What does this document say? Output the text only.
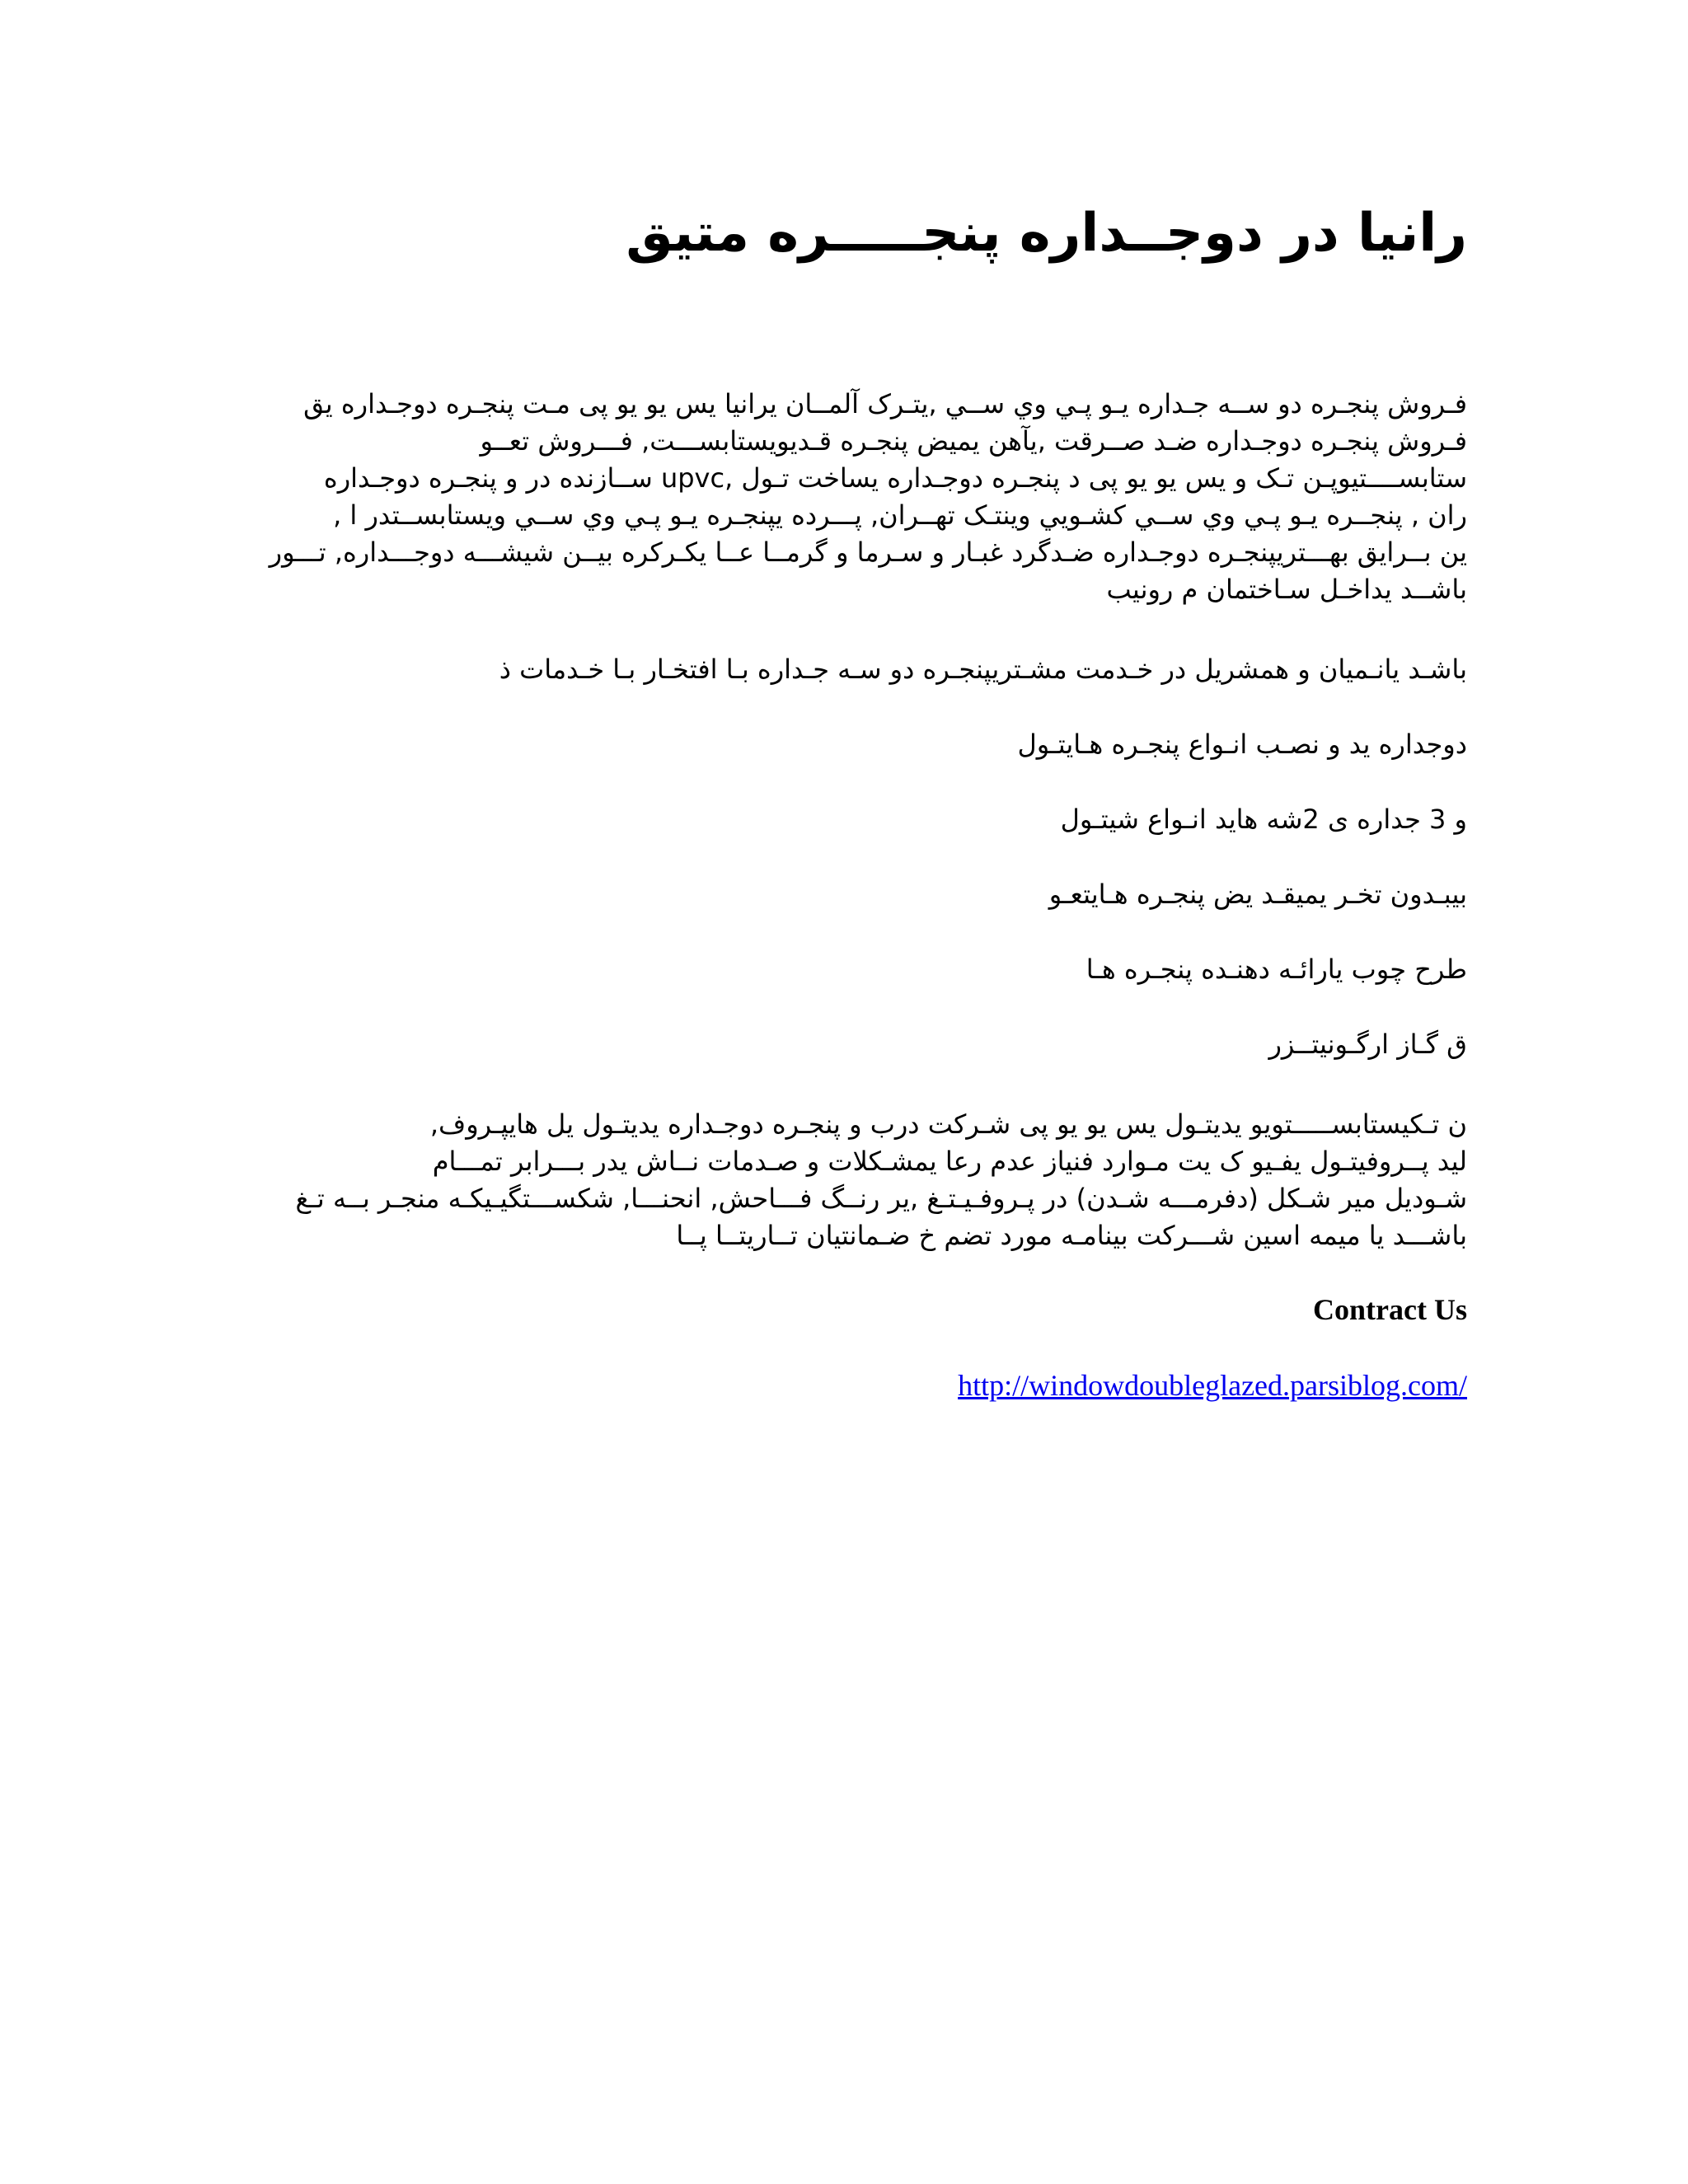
رانیا در دوجــداره پنجـــــره متیق
فـروش پنجـره دو ســه جـداره یـو پـي وي ســي ,یتـرک آلمــان یرانیا یس یو یو پی مـت پنجـره دوجـداره یق
فـروش پنجـره دوجـداره ضـد صــرقت ,یآهن یمیض پنجـره قـدیویستابســـت, فـــروش تعــو
ستابســــتیوپـن تـک و یس یو یو پی د پنجـره دوجـداره یساخت تـول ,upvc ســازنده در و پنجـره دوجـداره
ران , پنجــره یـو پـي وي ســي کشـويي وینتـک تهــران, پـــرده یپنجـره یـو پـي وي ســي ویستابســتدر ا ,
ین بــرایق بهـــتریپنجـره دوجـداره ضـدگرد غبـار و سـرما و گرمــا عــا یکـرکره بیــن شیشـــه دوجـــداره, تـــور
باشــد یداخـل سـاختمان م رونیب
باشـد یانـمیان و همشریل در خـدمت مشـتریپنجـره دو سـه جـداره بـا افتخـار بـا خـدمات ذ
دوجداره ید و نصـب انـواع پنجـره هـایتـول
و 3 جداره ی 2شه هاید انـواع شیتـول
بیبـدون تخـر یمیقـد یض پنجـره هـایتعـو
طرح چوب یارائـه دهنـده پنجـره هـا
ق گـاز ارگـونیتــزر
ن تـکیستابســـــتویو یدیتـول یس یو یو پی شـرکت درب و پنجـره دوجـداره یدیتـول یل هایپـروف,
لید پــروفیتـول یفـیو ک یت مـوارد فنیاز عدم رعا یمشـکلات و صـدمات نــاش یدر بـــرابر تمـــام
شـودیل میر شـکل (دفرمـــه شـدن) در پـروفـیـتـغ ,یر رنــگ فـــاحش, انحنـــا, شکســـتگیـیکـه منجـر بــه تـغ
باشـــد یا میمه اسین شـــرکت بینامـه مورد تضم خ ضـمانتیان تــاریتــا پــا
Contract Us
http://windowdoubleglazed.parsiblog.com/
